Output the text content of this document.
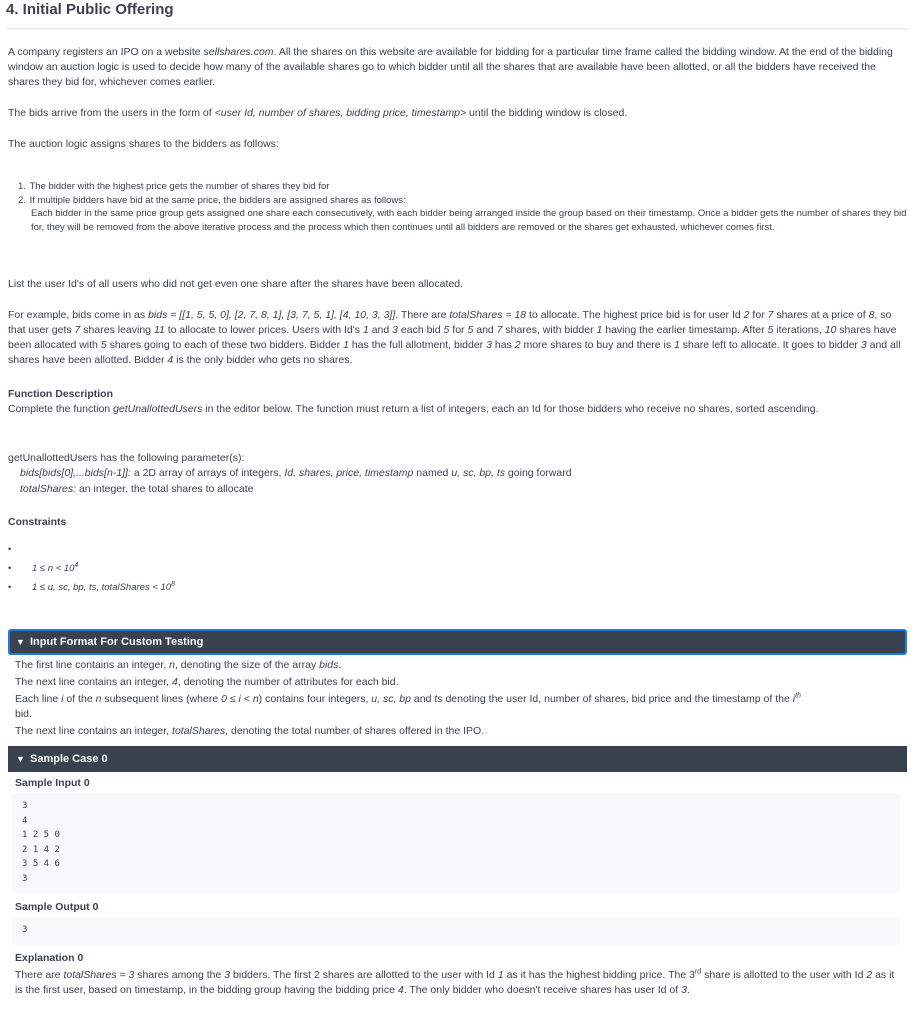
4. Initial Public Offering

A company registers an IPO on a website sellshares.com. All the shares on this website are available for bidding for a particular time frame called the bidding window. At the end of the bidding window an auction logic is used to decide how many of the available shares go to which bidder until all the shares that are available have been allotted, or all the bidders have received the shares they bid for, whichever comes earlier.

The bids arrive from the users in the form of <user Id, number of shares, bidding price, timestamp> until the bidding window is closed.

The auction logic assigns shares to the bidders as follows:

1. The bidder with the highest price gets the number of shares they bid for
2. If multiple bidders have bid at the same price, the bidders are assigned shares as follows:
Each bidder in the same price group gets assigned one share each consecutively, with each bidder being arranged inside the group based on their timestamp. Once a bidder gets the number of shares they bid for, they will be removed from the above iterative process and the process which then continues until all bidders are removed or the shares get exhausted, whichever comes first.

List the user Id's of all users who did not get even one share after the shares have been allocated.

For example, bids come in as bids = [[1, 5, 5, 0], [2, 7, 8, 1], [3, 7, 5, 1], [4, 10, 3, 3]]. There are totalShares = 18 to allocate. The highest price bid is for user Id 2 for 7 shares at a price of 8, so that user gets 7 shares leaving 11 to allocate to lower prices. Users with Id's 1 and 3 each bid 5 for 5 and 7 shares, with bidder 1 having the earlier timestamp. After 5 iterations, 10 shares have been allocated with 5 shares going to each of these two bidders. Bidder 1 has the full allotment, bidder 3 has 2 more shares to buy and there is 1 share left to allocate. It goes to bidder 3 and all shares have been allotted. Bidder 4 is the only bidder who gets no shares.

Function Description

Complete the function getUnallottedUsers in the editor below. The function must return a list of integers, each an Id for those bidders who receive no shares, sorted ascending.

getUnallottedUsers has the following parameter(s):

bids[bids[0],...bids[n-1]]: a 2D array of arrays of integers, Id, shares, price, timestamp named u, sc, bp, ts going forward

totalShares: an integer, the total shares to allocate

Constraints
•
• $1 \le n < 10^4$
• 1 ≤ u, sc, bp, ts, totalShares < $10^8$
▼ Input Format For Custom Testing

The first line contains an integer, n, denoting the size of the array bids.

The next line contains an integer, 4, denoting the number of attributes for each bid.

Each line i of the n subsequent lines (where 0 ≤ i < n) contains four integers, u, sc, bp and ts denoting the user Id, number of shares, bid price and the timestamp of the $i^{th}$
bid.

The next line contains an integer, totalShares, denoting the total number of shares offered in the IPO.

▼ Sample Case 0
Sample Input 0
3
4
1 2 5 0
2 1 4 2
3 5 4 6
3
Sample Output 0
3
Explanation 0

There are totalShares = 3 shares among the 3 bidders. The first 2 shares are allotted to the user with Id 1 as it has the highest bidding price. The 3rd share is allotted to the user with Id 2 as it is the first user, based on timestamp, in the bidding group having the bidding price 4. The only bidder who doesn't receive shares has user Id of 3.
